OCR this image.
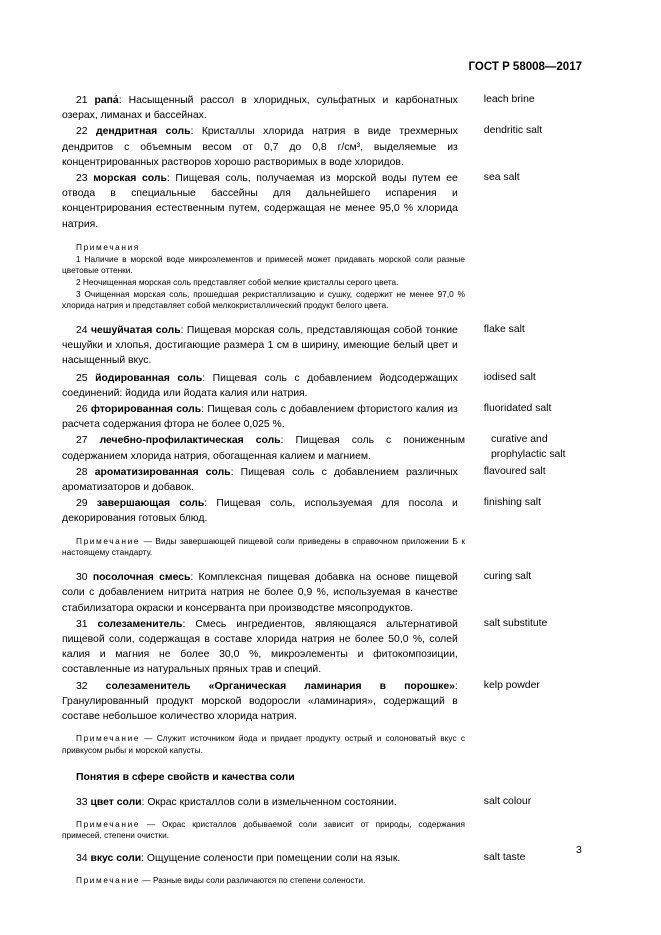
ГОСТ Р 58008—2017
21 рапа́: Насыщенный рассол в хлоридных, сульфатных и карбонатных озерах, лиманах и бассейнах.
leach brine
22 дендритная соль: Кристаллы хлорида натрия в виде трехмерных дендритов с объемным весом от 0,7 до 0,8 г/см³, выделяемые из концентрированных растворов хорошо растворимых в воде хлоридов.
dendritic salt
23 морская соль: Пищевая соль, получаемая из морской воды путем ее отвода в специальные бассейны для дальнейшего испарения и концентрирования естественным путем, содержащая не менее 95,0 % хлорида натрия.
sea salt
Примечания
1 Наличие в морской воде микроэлементов и примесей может придавать морской соли разные цветовые оттенки.
2 Неочищенная морская соль представляет собой мелкие кристаллы серого цвета.
3 Очищенная морская соль, прошедшая рекристаллизацию и сушку, содержит не менее 97,0 % хлорида натрия и представляет собой мелкокристаллический продукт белого цвета.
24 чешуйчатая соль: Пищевая морская соль, представляющая собой тонкие чешуйки и хлопья, достигающие размера 1 см в ширину, имеющие белый цвет и насыщенный вкус.
flake salt
25 йодированная соль: Пищевая соль с добавлением йодсодержащих соединений: йодида или йодата калия или натрия.
iodised salt
26 фторированная соль: Пищевая соль с добавлением фтористого калия из расчета содержания фтора не более 0,025 %.
fluoridated salt
27 лечебно-профилактическая соль: Пищевая соль с пониженным содержанием хлорида натрия, обогащенная калием и магнием.
curative and prophylactic salt
28 ароматизированная соль: Пищевая соль с добавлением различных ароматизаторов и добавок.
flavoured salt
29 завершающая соль: Пищевая соль, используемая для посола и декорирования готовых блюд.
finishing salt
Примечание — Виды завершающей пищевой соли приведены в справочном приложении Б к настоящему стандарту.
30 посолочная смесь: Комплексная пищевая добавка на основе пищевой соли с добавлением нитрита натрия не более 0,9 %, используемая в качестве стабилизатора окраски и консерванта при производстве мясопродуктов.
curing salt
31 солезаменитель: Смесь ингредиентов, являющаяся альтернативой пищевой соли, содержащая в составе хлорида натрия не более 50,0 %, солей калия и магния не более 30,0 %, микроэлементы и фитокомпозиции, составленные из натуральных пряных трав и специй.
salt substitute
32 солезаменитель «Органическая ламинария в порошке»: Гранулированный продукт морской водоросли «ламинария», содержащий в составе небольшое количество хлорида натрия.
kelp powder
Примечание — Служит источником йода и придает продукту острый и солоноватый вкус с привкусом рыбы и морской капусты.
Понятия в сфере свойств и качества соли
33 цвет соли: Окрас кристаллов соли в измельченном состоянии.	salt colour
Примечание — Окрас кристаллов добываемой соли зависит от природы, содержания примесей, степени очистки.
34 вкус соли: Ощущение солености при помещении соли на язык.	salt taste
Примечание — Разные виды соли различаются по степени солености.
3
